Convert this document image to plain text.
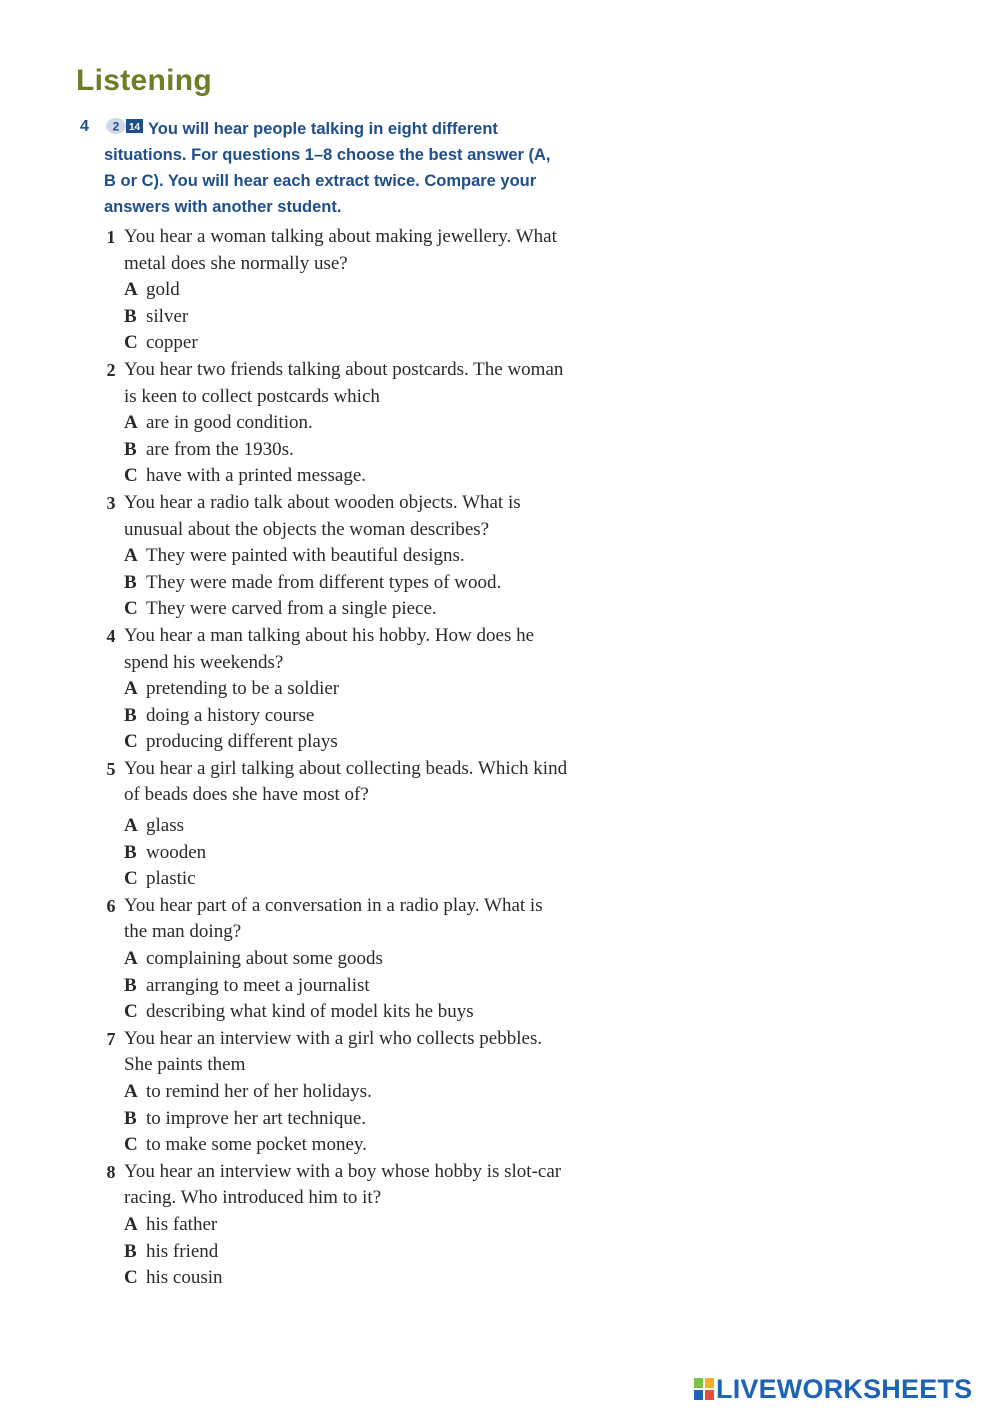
Listening
4 2 14 You will hear people talking in eight different situations. For questions 1–8 choose the best answer (A, B or C). You will hear each extract twice. Compare your answers with another student.

1 You hear a woman talking about making jewellery. What metal does she normally use?

A gold
B silver
C copper
2 You hear two friends talking about postcards. The woman is keen to collect postcards which

A are in good condition.
B are from the 1930s.
C have with a printed message.
3 You hear a radio talk about wooden objects. What is unusual about the objects the woman describes?

A They were painted with beautiful designs.
B They were made from different types of wood.
C They were carved from a single piece.
4 You hear a man talking about his hobby. How does he spend his weekends?

A pretending to be a soldier
B doing a history course
C producing different plays
5 You hear a girl talking about collecting beads. Which kind of beads does she have most of?

A glass
B wooden
C plastic
6 You hear part of a conversation in a radio play. What is the man doing?

A complaining about some goods
B arranging to meet a journalist
C describing what kind of model kits he buys
7 You hear an interview with a girl who collects pebbles. She paints them

A to remind her of her holidays.
B to improve her art technique.
C to make some pocket money.
8 You hear an interview with a boy whose hobby is slot-car racing. Who introduced him to it?

A his father
B his friend
C his cousin
LIVEWORKSHEETS
